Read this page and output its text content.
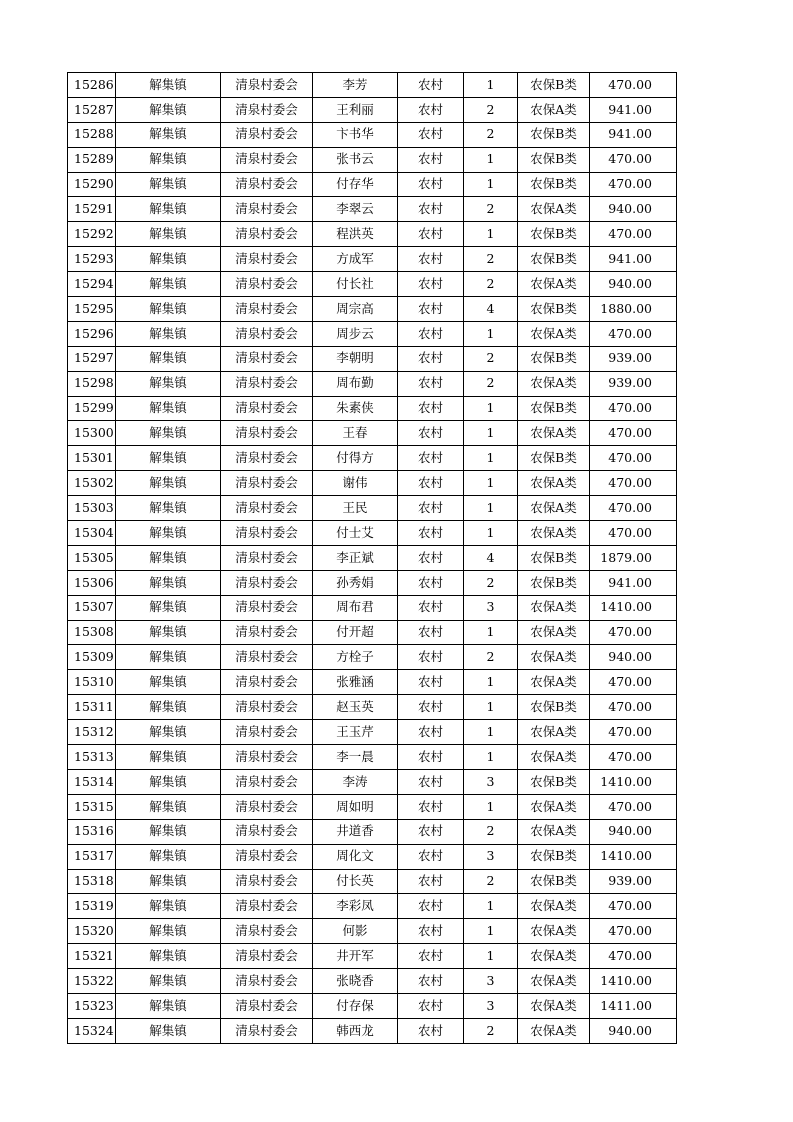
15286	解集镇	清泉村委会	李芳	农村	1	农保B类	470.00
15287	解集镇	清泉村委会	王利丽	农村	2	农保A类	941.00
15288	解集镇	清泉村委会	卞书华	农村	2	农保B类	941.00
15289	解集镇	清泉村委会	张书云	农村	1	农保B类	470.00
15290	解集镇	清泉村委会	付存华	农村	1	农保B类	470.00
15291	解集镇	清泉村委会	李翠云	农村	2	农保A类	940.00
15292	解集镇	清泉村委会	程洪英	农村	1	农保B类	470.00
15293	解集镇	清泉村委会	方成军	农村	2	农保B类	941.00
15294	解集镇	清泉村委会	付长社	农村	2	农保A类	940.00
15295	解集镇	清泉村委会	周宗高	农村	4	农保B类	1880.00
15296	解集镇	清泉村委会	周步云	农村	1	农保A类	470.00
15297	解集镇	清泉村委会	李朝明	农村	2	农保B类	939.00
15298	解集镇	清泉村委会	周布勤	农村	2	农保A类	939.00
15299	解集镇	清泉村委会	朱素侠	农村	1	农保B类	470.00
15300	解集镇	清泉村委会	王春	农村	1	农保A类	470.00
15301	解集镇	清泉村委会	付得方	农村	1	农保B类	470.00
15302	解集镇	清泉村委会	谢伟	农村	1	农保A类	470.00
15303	解集镇	清泉村委会	王民	农村	1	农保A类	470.00
15304	解集镇	清泉村委会	付士艾	农村	1	农保A类	470.00
15305	解集镇	清泉村委会	李正斌	农村	4	农保B类	1879.00
15306	解集镇	清泉村委会	孙秀娟	农村	2	农保B类	941.00
15307	解集镇	清泉村委会	周布君	农村	3	农保A类	1410.00
15308	解集镇	清泉村委会	付开超	农村	1	农保A类	470.00
15309	解集镇	清泉村委会	方栓子	农村	2	农保A类	940.00
15310	解集镇	清泉村委会	张雅涵	农村	1	农保A类	470.00
15311	解集镇	清泉村委会	赵玉英	农村	1	农保B类	470.00
15312	解集镇	清泉村委会	王玉芹	农村	1	农保A类	470.00
15313	解集镇	清泉村委会	李一晨	农村	1	农保A类	470.00
15314	解集镇	清泉村委会	李涛	农村	3	农保B类	1410.00
15315	解集镇	清泉村委会	周如明	农村	1	农保A类	470.00
15316	解集镇	清泉村委会	井道香	农村	2	农保A类	940.00
15317	解集镇	清泉村委会	周化文	农村	3	农保B类	1410.00
15318	解集镇	清泉村委会	付长英	农村	2	农保B类	939.00
15319	解集镇	清泉村委会	李彩凤	农村	1	农保A类	470.00
15320	解集镇	清泉村委会	何影	农村	1	农保A类	470.00
15321	解集镇	清泉村委会	井开军	农村	1	农保A类	470.00
15322	解集镇	清泉村委会	张晓香	农村	3	农保A类	1410.00
15323	解集镇	清泉村委会	付存保	农村	3	农保A类	1411.00
15324	解集镇	清泉村委会	韩西龙	农村	2	农保A类	940.00
